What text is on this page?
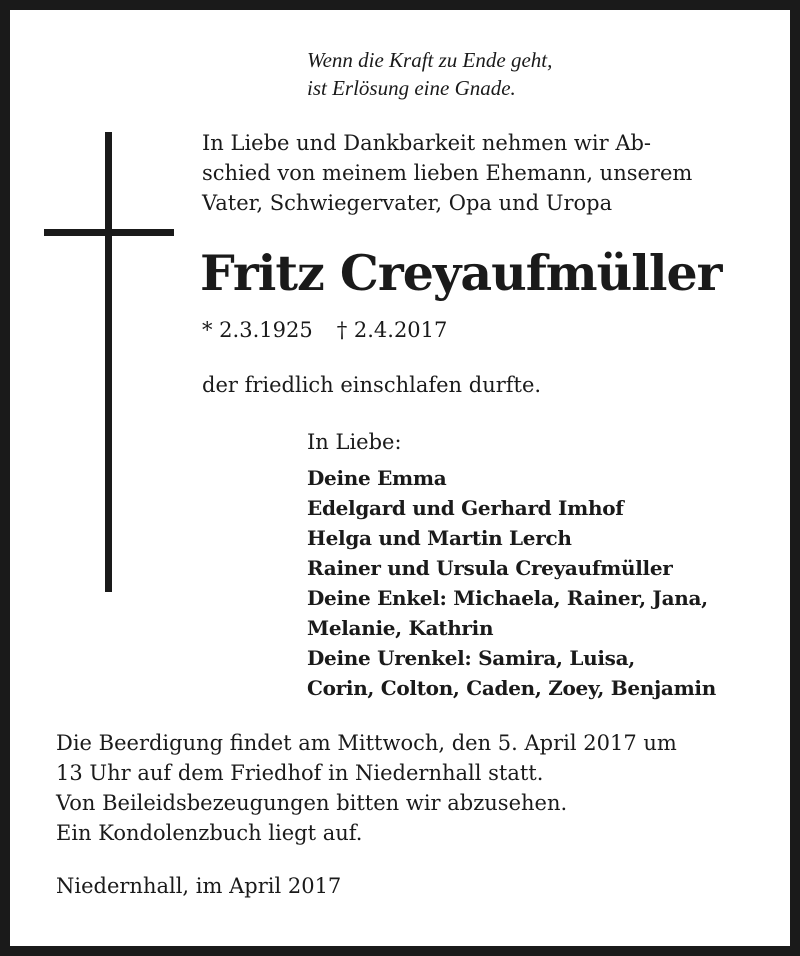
Wenn die Kraft zu Ende geht,
ist Erlösung eine Gnade.
In Liebe und Dankbarkeit nehmen wir Ab-
schied von meinem lieben Ehemann, unserem
Vater, Schwiegervater, Opa und Uropa
Fritz Creyaufmüller
* 2.3.1925 † 2.4.2017
der friedlich einschlafen durfte.
In Liebe:
Deine Emma
Edelgard und Gerhard Imhof
Helga und Martin Lerch
Rainer und Ursula Creyaufmüller
Deine Enkel: Michaela, Rainer, Jana,
Melanie, Kathrin
Deine Urenkel: Samira, Luisa,
Corin, Colton, Caden, Zoey, Benjamin
Die Beerdigung findet am Mittwoch, den 5. April 2017 um
13 Uhr auf dem Friedhof in Niedernhall statt.
Von Beileidsbezeugungen bitten wir abzusehen.
Ein Kondolenzbuch liegt auf.
Niedernhall, im April 2017
